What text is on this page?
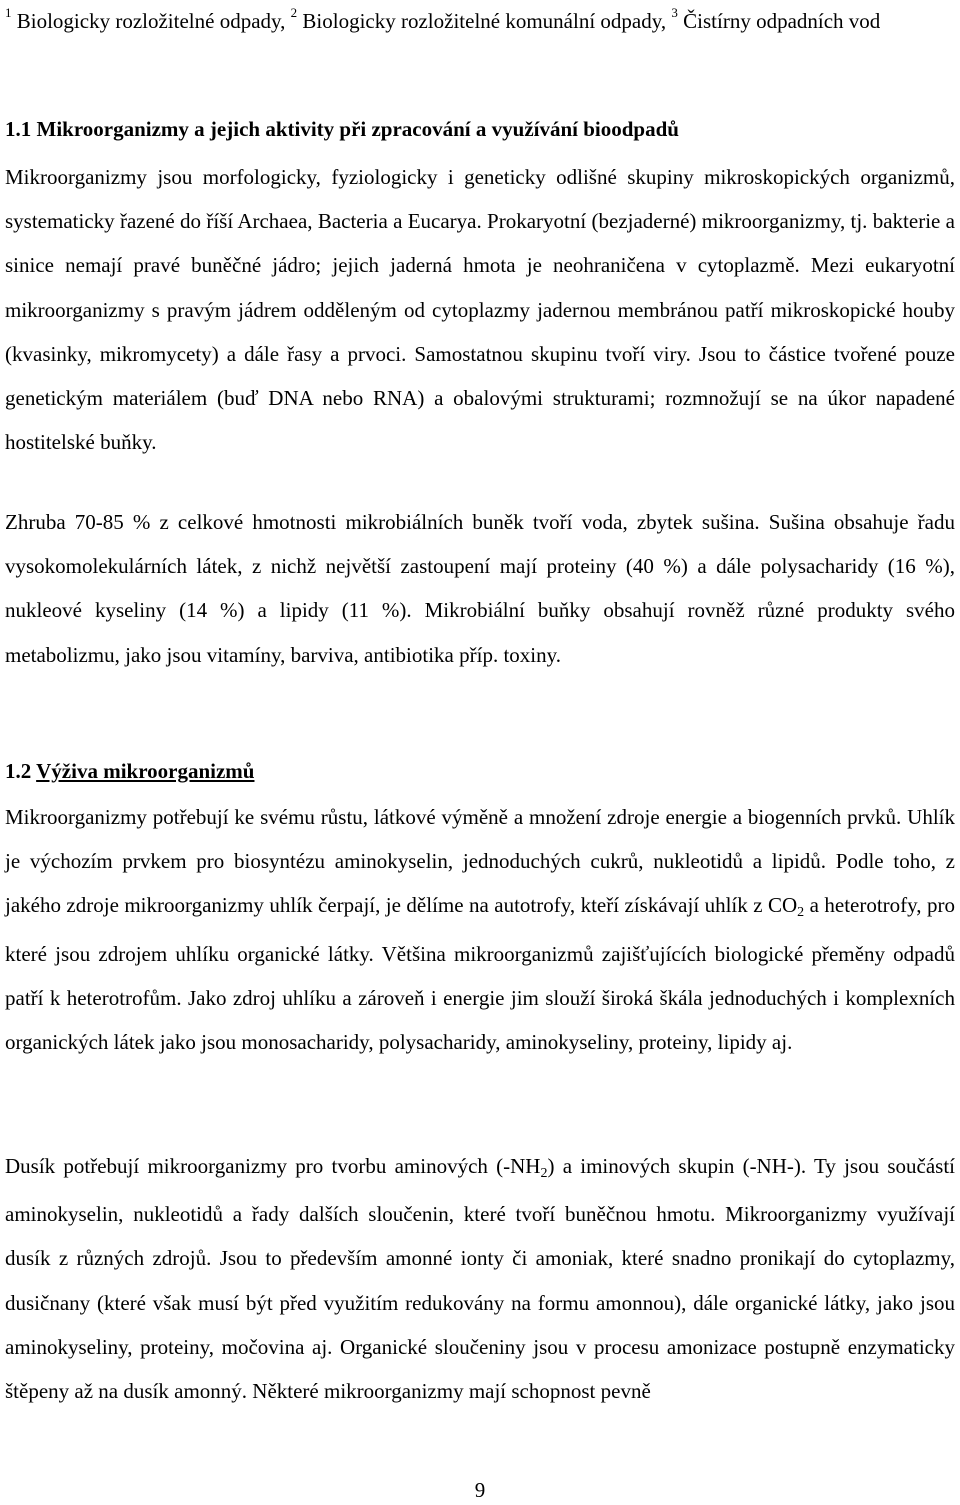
$^1$ Biologicky rozložitelné odpady, $^2$ Biologicky rozložitelné komunální odpady, $^3$ Čistírny odpadních vod
1.1 Mikroorganizmy a jejich aktivity při zpracování a využívání bioodpadů

Mikroorganizmy jsou morfologicky, fyziologicky i geneticky odlišné skupiny mikroskopických organizmů, systematicky řazené do říší Archaea, Bacteria a Eucarya. Prokaryotní (bezjaderné) mikroorganizmy, tj. bakterie a sinice nemají pravé buněčné jádro; jejich jaderná hmota je neohraničena v cytoplazmě. Mezi eukaryotní mikroorganizmy s pravým jádrem odděleným od cytoplazmy jadernou membránou patří mikroskopické houby (kvasinky, mikromycety) a dále řasy a prvoci. Samostatnou skupinu tvoří viry. Jsou to částice tvořené pouze genetickým materiálem (buď DNA nebo RNA) a obalovými strukturami; rozmnožují se na úkor napadené hostitelské buňky.

Zhruba 70-85 % z celkové hmotnosti mikrobiálních buněk tvoří voda, zbytek sušina. Sušina obsahuje řadu vysokomolekulárních látek, z nichž největší zastoupení mají proteiny (40 %) a dále polysacharidy (16 %), nukleové kyseliny (14 %) a lipidy (11 %). Mikrobiální buňky obsahují rovněž různé produkty svého metabolizmu, jako jsou vitamíny, barviva, antibiotika příp. toxiny.

1.2 Výživa mikroorganizmů

Mikroorganizmy potřebují ke svému růstu, látkové výměně a množení zdroje energie a biogenních prvků. Uhlík je výchozím prvkem pro biosyntézu aminokyselin, jednoduchých cukrů, nukleotidů a lipidů. Podle toho, z jakého zdroje mikroorganizmy uhlík čerpají, je dělíme na autotrofy, kteří získávají uhlík z $CO_2$ a heterotrofy, pro které jsou zdrojem uhlíku organické látky. Většina mikroorganizmů zajišťujících biologické přeměny odpadů patří k heterotrofům. Jako zdroj uhlíku a zároveň i energie jim slouží široká škála jednoduchých i komplexních organických látek jako jsou monosacharidy, polysacharidy, aminokyseliny, proteiny, lipidy aj.

Dusík potřebují mikroorganizmy pro tvorbu aminových $(-NH_2)$ a iminových skupin (-NH-). Ty jsou součástí aminokyselin, nukleotidů a řady dalších sloučenin, které tvoří buněčnou hmotu. Mikroorganizmy využívají dusík z různých zdrojů. Jsou to především amonné ionty či amoniak, které snadno pronikají do cytoplazmy, dusičnany (které však musí být před využitím redukovány na formu amonnou), dále organické látky, jako jsou aminokyseliny, proteiny, močovina aj. Organické sloučeniny jsou v procesu amonizace postupně enzymaticky štěpeny až na dusík amonný. Některé mikroorganizmy mají schopnost pevně

9
